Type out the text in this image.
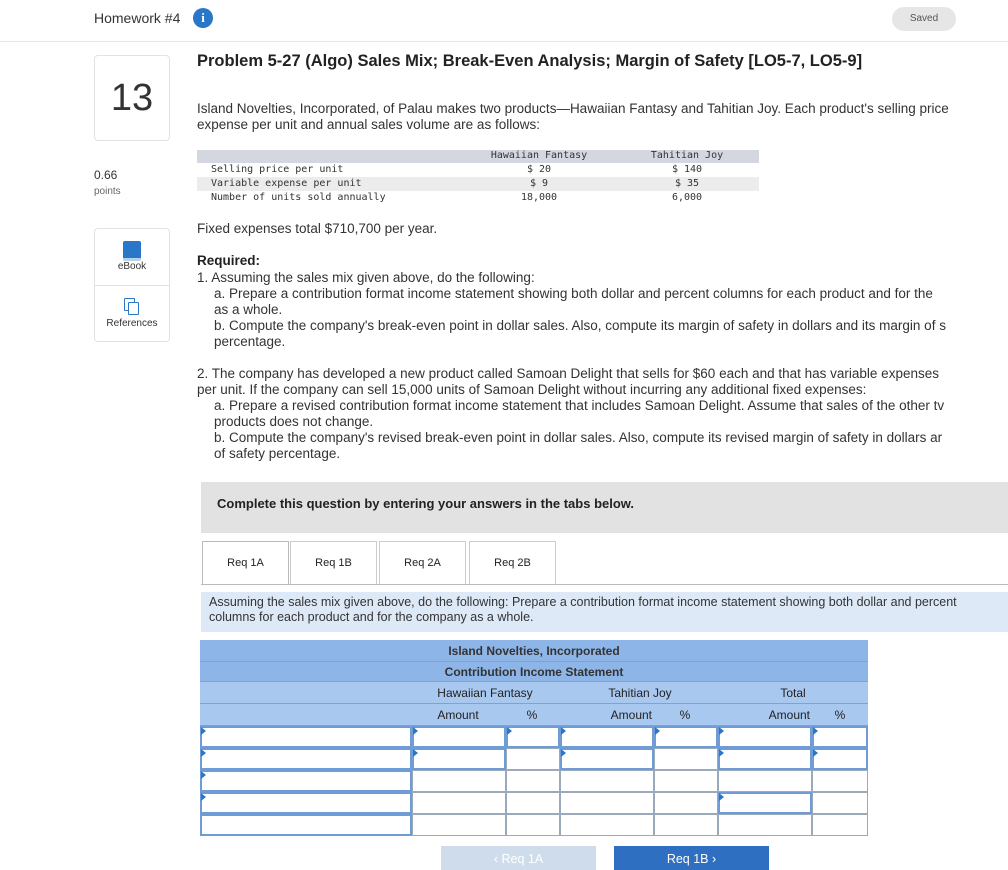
Homework #4	i	Saved
13
0.66
points
eBook
References
Problem 5-27 (Algo) Sales Mix; Break-Even Analysis; Margin of Safety [LO5-7, LO5-9]
Island Novelties, Incorporated, of Palau makes two products—Hawaiian Fantasy and Tahitian Joy. Each product's selling price
expense per unit and annual sales volume are as follows:
Hawaiian Fantasy	Tahitian Joy
Selling price per unit	$ 20	$ 140
Variable expense per unit	$ 9	$ 35
Number of units sold annually	18,000	6,000
Fixed expenses total $710,700 per year.
Required:
1. Assuming the sales mix given above, do the following:
a. Prepare a contribution format income statement showing both dollar and percent columns for each product and for the
as a whole.
b. Compute the company's break-even point in dollar sales. Also, compute its margin of safety in dollars and its margin of s
percentage.
2. The company has developed a new product called Samoan Delight that sells for $60 each and that has variable expenses
per unit. If the company can sell 15,000 units of Samoan Delight without incurring any additional fixed expenses:
a. Prepare a revised contribution format income statement that includes Samoan Delight. Assume that sales of the other tv
products does not change.
b. Compute the company's revised break-even point in dollar sales. Also, compute its revised margin of safety in dollars ar
of safety percentage.
Complete this question by entering your answers in the tabs below.
Req 1A	Req 1B	Req 2A	Req 2B
Assuming the sales mix given above, do the following: Prepare a contribution format income statement showing both dollar and percent columns for each product and for the company as a whole.
Island Novelties, Incorporated
Contribution Income Statement
Hawaiian Fantasy	Tahitian Joy	Total
Amount	%	Amount	%	Amount	%
‹ Req 1A	Req 1B ›
